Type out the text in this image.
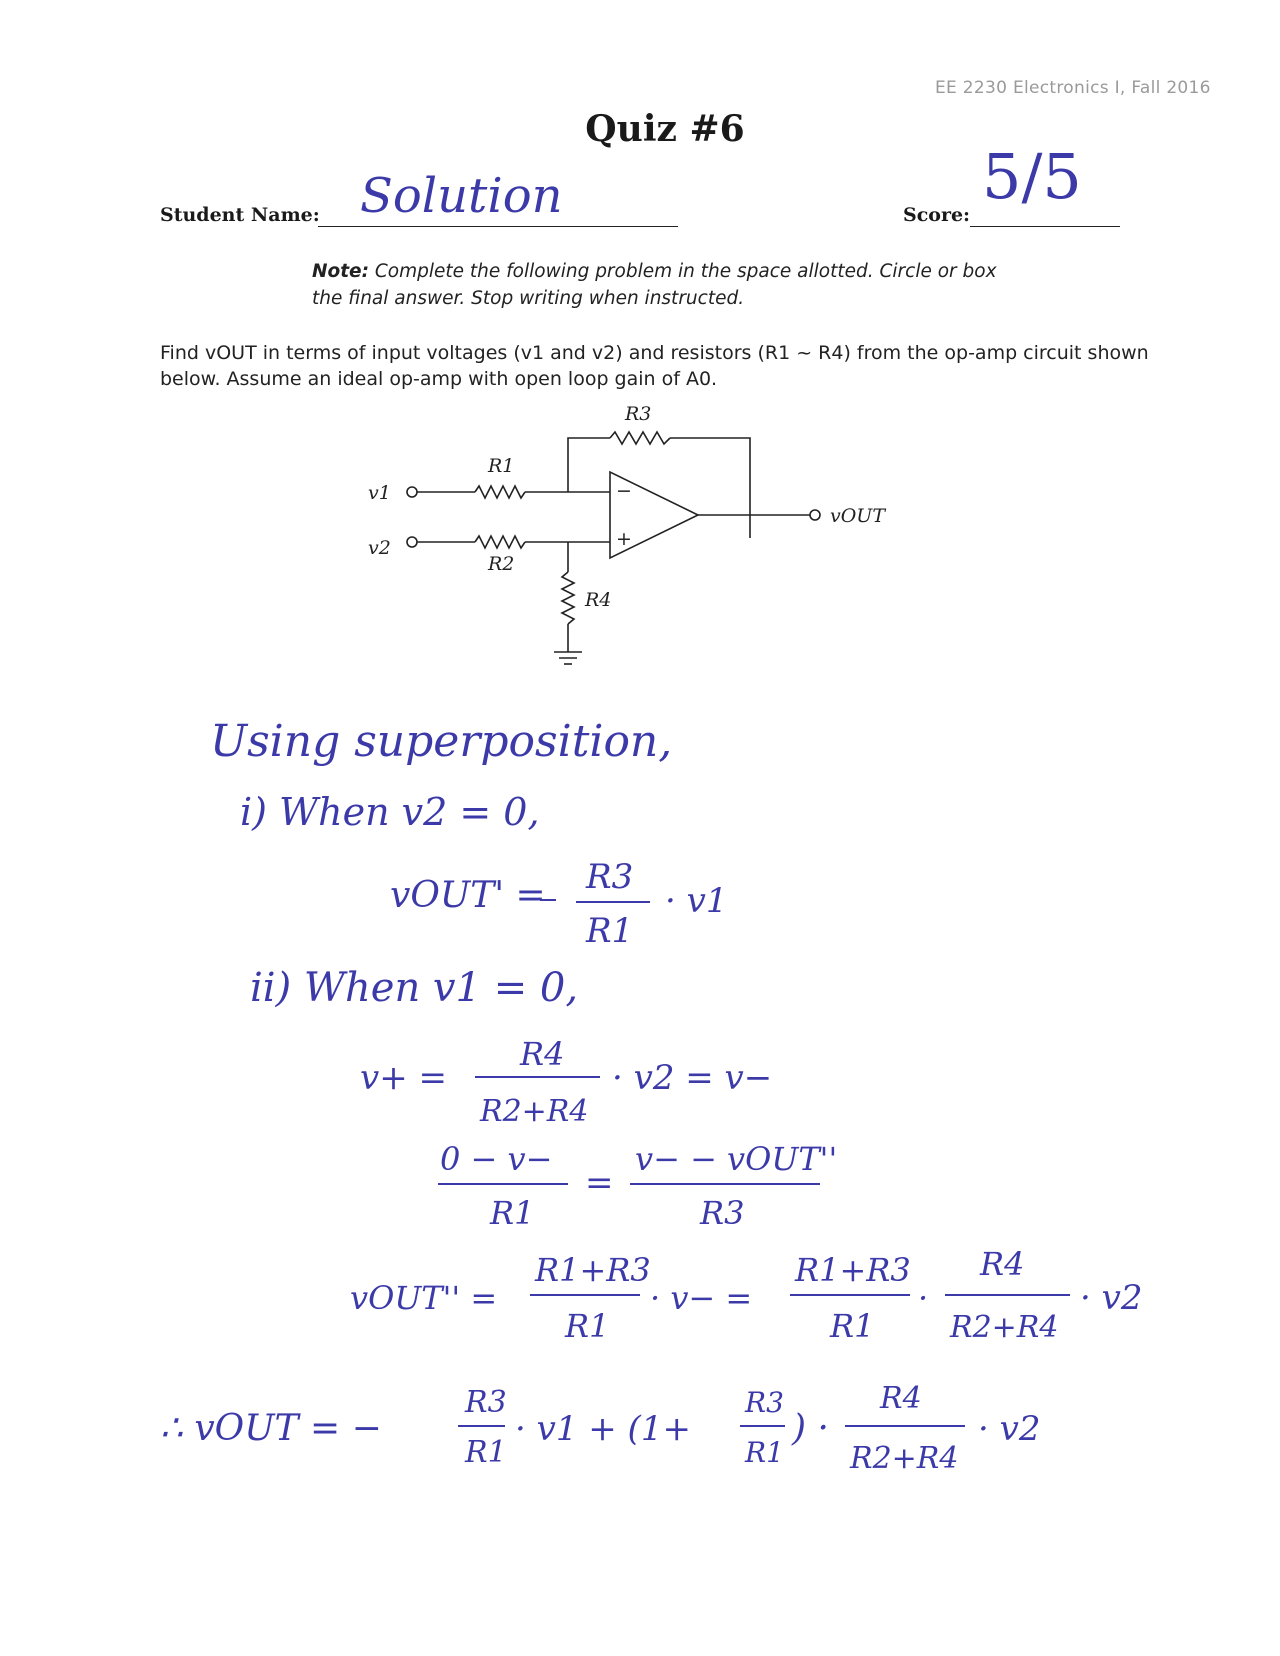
EE 2230 Electronics I, Fall 2016
Quiz #6
Student Name: Solution	Score:
5/5
Note: Complete the following problem in the space allotted. Circle or box the final answer. Stop writing when instructed.
Find vOUT in terms of input voltages (v1 and v2) and resistors (R1 ~ R4) from the op-amp circuit shown below. Assume an ideal op-amp with open loop gain of A0.
R3
R1
R2
R4
v1
v2
vOUT
−
+
Using superposition,
i) When v2 = 0,
vOUT' = R3
R1
· v1
ii) When v1 = 0,
v+ =
R4
R2+R4
· v2 = v−
0 − v−
R1
=
v− − vOUT''
R3
vOUT'' =
R1+R3
R1
· v− =
R1+R3
R1
·
R4
R2+R4
· v2
∴ vOUT = −
R3
R1
· v1 + (1+
R3
R1
) ·
R4
R2+R4
· v2
